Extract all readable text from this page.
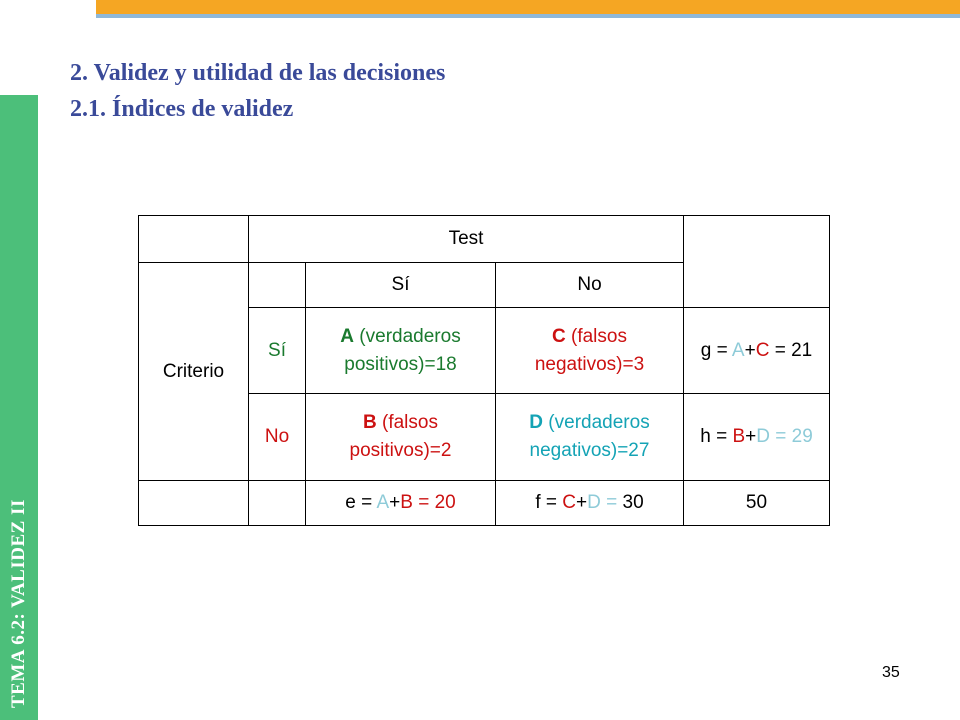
TEMA 6.2: VALIDEZ II
2. Validez y utilidad de las decisiones
2.1. Índices de validez
	Test			
Criterio		Sí	No	
	Sí	A (verdaderos positivos)=18	C (falsos negativos)=3	g = A+C = 21
	No	B (falsos positivos)=2	D (verdaderos negativos)=27	h = B+D = 29
		e = A+B = 20	f = C+D = 30	50
35
